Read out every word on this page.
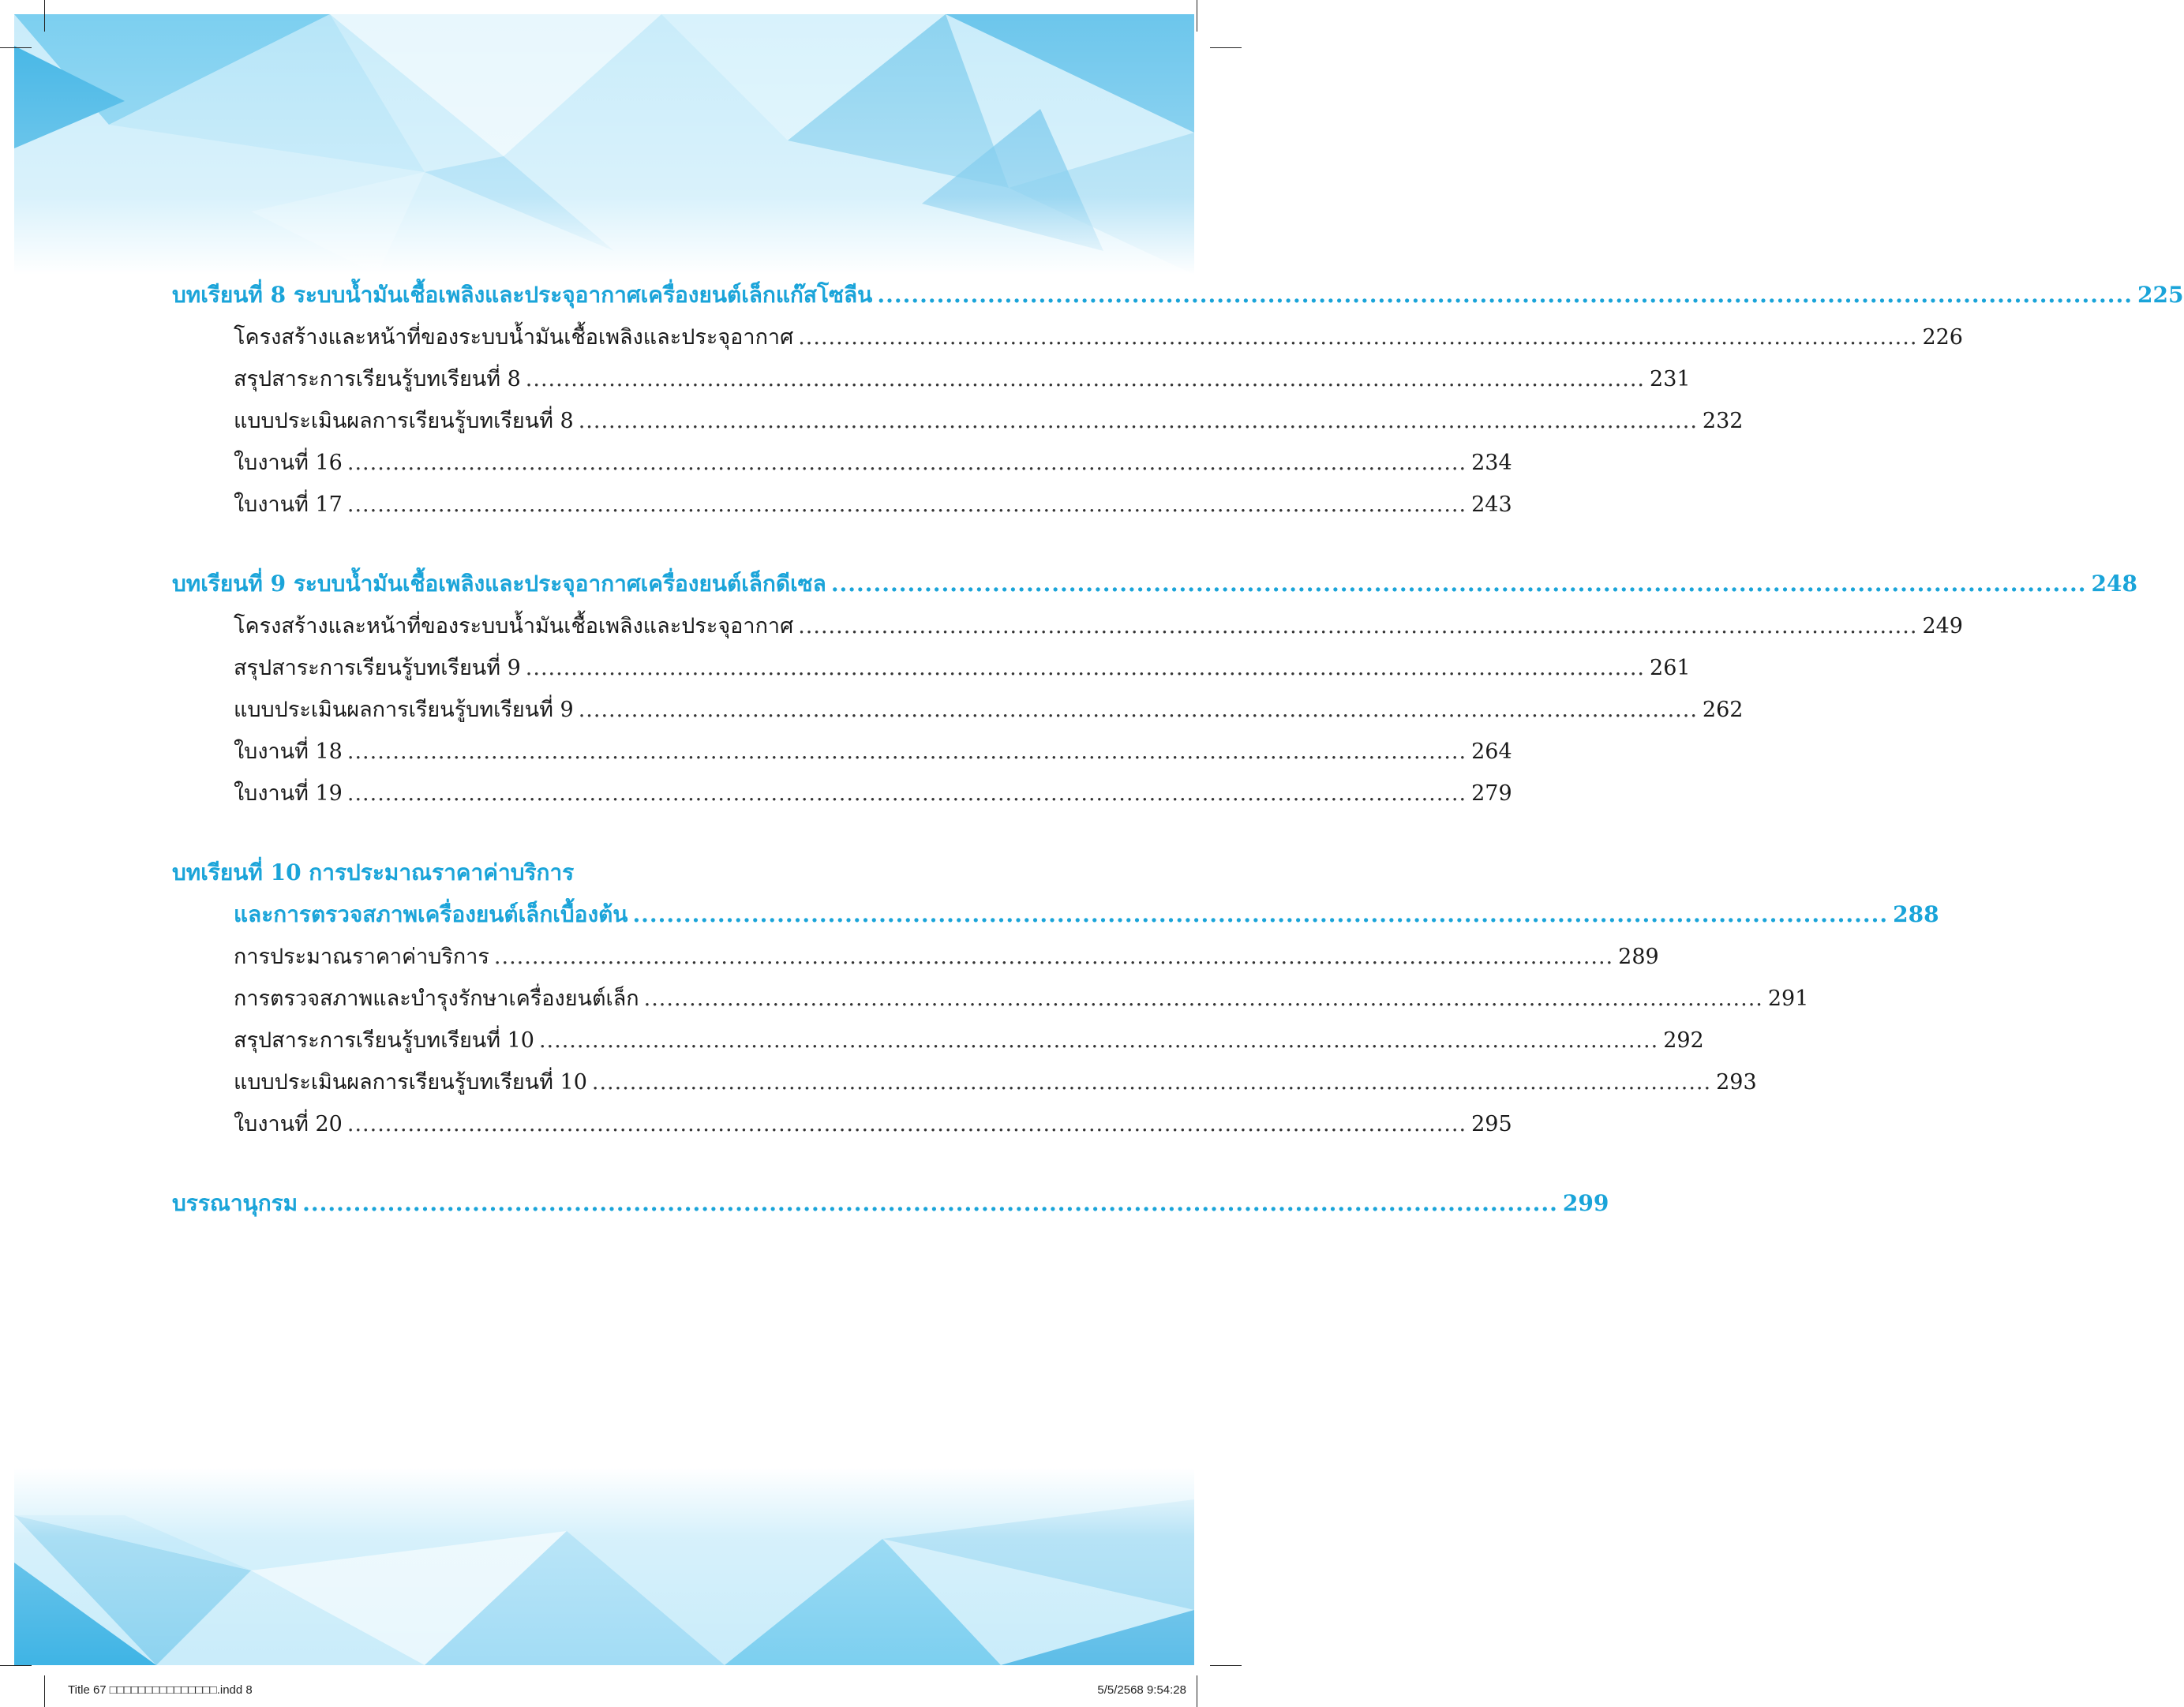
บทเรียนที่ 8 ระบบน้ำมันเชื้อเพลิงและประจุอากาศเครื่องยนต์เล็กแก๊สโซลีน .................................................................................................................................................... 225
โครงสร้างและหน้าที่ของระบบน้ำมันเชื้อเพลิงและประจุอากาศ .................................................................................................................................................... 226
สรุปสาระการเรียนรู้บทเรียนที่ 8 .................................................................................................................................................... 231
แบบประเมินผลการเรียนรู้บทเรียนที่ 8 .................................................................................................................................................... 232
ใบงานที่ 16 .................................................................................................................................................... 234
ใบงานที่ 17 .................................................................................................................................................... 243
บทเรียนที่ 9 ระบบน้ำมันเชื้อเพลิงและประจุอากาศเครื่องยนต์เล็กดีเซล .................................................................................................................................................... 248
โครงสร้างและหน้าที่ของระบบน้ำมันเชื้อเพลิงและประจุอากาศ .................................................................................................................................................... 249
สรุปสาระการเรียนรู้บทเรียนที่ 9 .................................................................................................................................................... 261
แบบประเมินผลการเรียนรู้บทเรียนที่ 9 .................................................................................................................................................... 262
ใบงานที่ 18 .................................................................................................................................................... 264
ใบงานที่ 19 .................................................................................................................................................... 279
บทเรียนที่ 10 การประมาณราคาค่าบริการ
และการตรวจสภาพเครื่องยนต์เล็กเบื้องต้น .................................................................................................................................................... 288
การประมาณราคาค่าบริการ .................................................................................................................................................... 289
การตรวจสภาพและบำรุงรักษาเครื่องยนต์เล็ก .................................................................................................................................................... 291
สรุปสาระการเรียนรู้บทเรียนที่ 10 .................................................................................................................................................... 292
แบบประเมินผลการเรียนรู้บทเรียนที่ 10 .................................................................................................................................................... 293
ใบงานที่ 20 .................................................................................................................................................... 295
บรรณานุกรม .................................................................................................................................................... 299
Title 67 □□□□□□□□□□□□□□□.indd 8	5/5/2568 9:54:28
